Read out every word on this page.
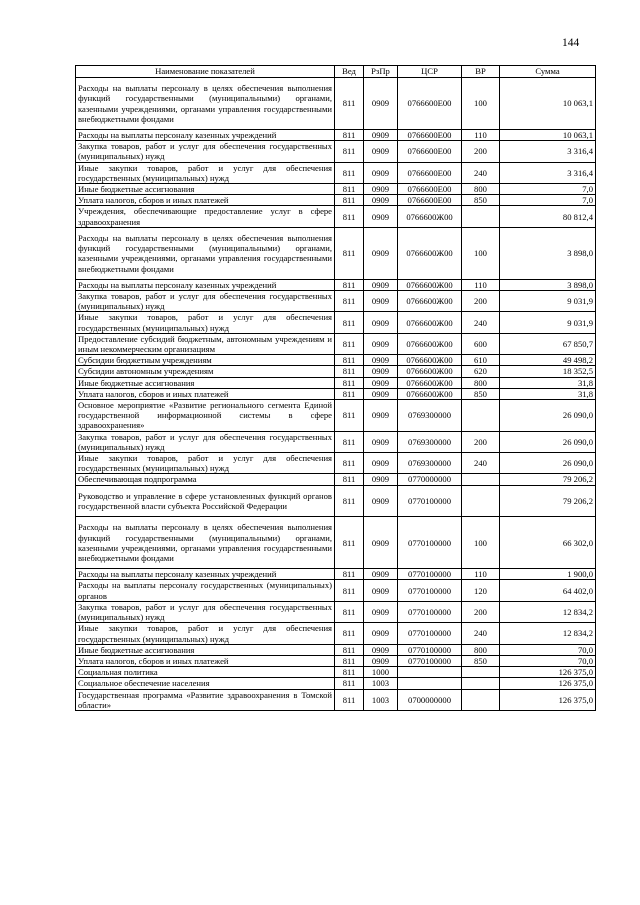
144
Наименование показателей	Вед	РзПр	ЦСР	ВР	Сумма
Расходы на выплаты персоналу в целях обеспечения выполнения функций государственными (муниципальными) органами, казенными учреждениями, органами управления государственными внебюджетными фондами	811	0909	0766600Е00	100	10 063,1
Расходы на выплаты персоналу казенных учреждений	811	0909	0766600Е00	110	10 063,1
Закупка товаров, работ и услуг для обеспечения государственных (муниципальных) нужд	811	0909	0766600Е00	200	3 316,4
Иные закупки товаров, работ и услуг для обеспечения государственных (муниципальных) нужд	811	0909	0766600Е00	240	3 316,4
Иные бюджетные ассигнования	811	0909	0766600Е00	800	7,0
Уплата налогов, сборов и иных платежей	811	0909	0766600Е00	850	7,0
Учреждения, обеспечивающие предоставление услуг в сфере здравоохранения	811	0909	0766600Ж00		80 812,4
Расходы на выплаты персоналу в целях обеспечения выполнения функций государственными (муниципальными) органами, казенными учреждениями, органами управления государственными внебюджетными фондами	811	0909	0766600Ж00	100	3 898,0
Расходы на выплаты персоналу казенных учреждений	811	0909	0766600Ж00	110	3 898,0
Закупка товаров, работ и услуг для обеспечения государственных (муниципальных) нужд	811	0909	0766600Ж00	200	9 031,9
Иные закупки товаров, работ и услуг для обеспечения государственных (муниципальных) нужд	811	0909	0766600Ж00	240	9 031,9
Предоставление субсидий бюджетным, автономным учреждениям и иным некоммерческим организациям	811	0909	0766600Ж00	600	67 850,7
Субсидии бюджетным учреждениям	811	0909	0766600Ж00	610	49 498,2
Субсидии автономным учреждениям	811	0909	0766600Ж00	620	18 352,5
Иные бюджетные ассигнования	811	0909	0766600Ж00	800	31,8
Уплата налогов, сборов и иных платежей	811	0909	0766600Ж00	850	31,8
Основное мероприятие «Развитие регионального сегмента Единой государственной информационной системы в сфере здравоохранения»	811	0909	0769300000		26 090,0
Закупка товаров, работ и услуг для обеспечения государственных (муниципальных) нужд	811	0909	0769300000	200	26 090,0
Иные закупки товаров, работ и услуг для обеспечения государственных (муниципальных) нужд	811	0909	0769300000	240	26 090,0
Обеспечивающая подпрограмма	811	0909	0770000000		79 206,2
Руководство и управление в сфере установленных функций органов государственной власти субъекта Российской Федерации	811	0909	0770100000		79 206,2
Расходы на выплаты персоналу в целях обеспечения выполнения функций государственными (муниципальными) органами, казенными учреждениями, органами управления государственными внебюджетными фондами	811	0909	0770100000	100	66 302,0
Расходы на выплаты персоналу казенных учреждений	811	0909	0770100000	110	1 900,0
Расходы на выплаты персоналу государственных (муниципальных) органов	811	0909	0770100000	120	64 402,0
Закупка товаров, работ и услуг для обеспечения государственных (муниципальных) нужд	811	0909	0770100000	200	12 834,2
Иные закупки товаров, работ и услуг для обеспечения государственных (муниципальных) нужд	811	0909	0770100000	240	12 834,2
Иные бюджетные ассигнования	811	0909	0770100000	800	70,0
Уплата налогов, сборов и иных платежей	811	0909	0770100000	850	70,0
Социальная политика	811	1000			126 375,0
Социальное обеспечение населения	811	1003			126 375,0
Государственная программа «Развитие здравоохранения в Томской области»	811	1003	0700000000		126 375,0
